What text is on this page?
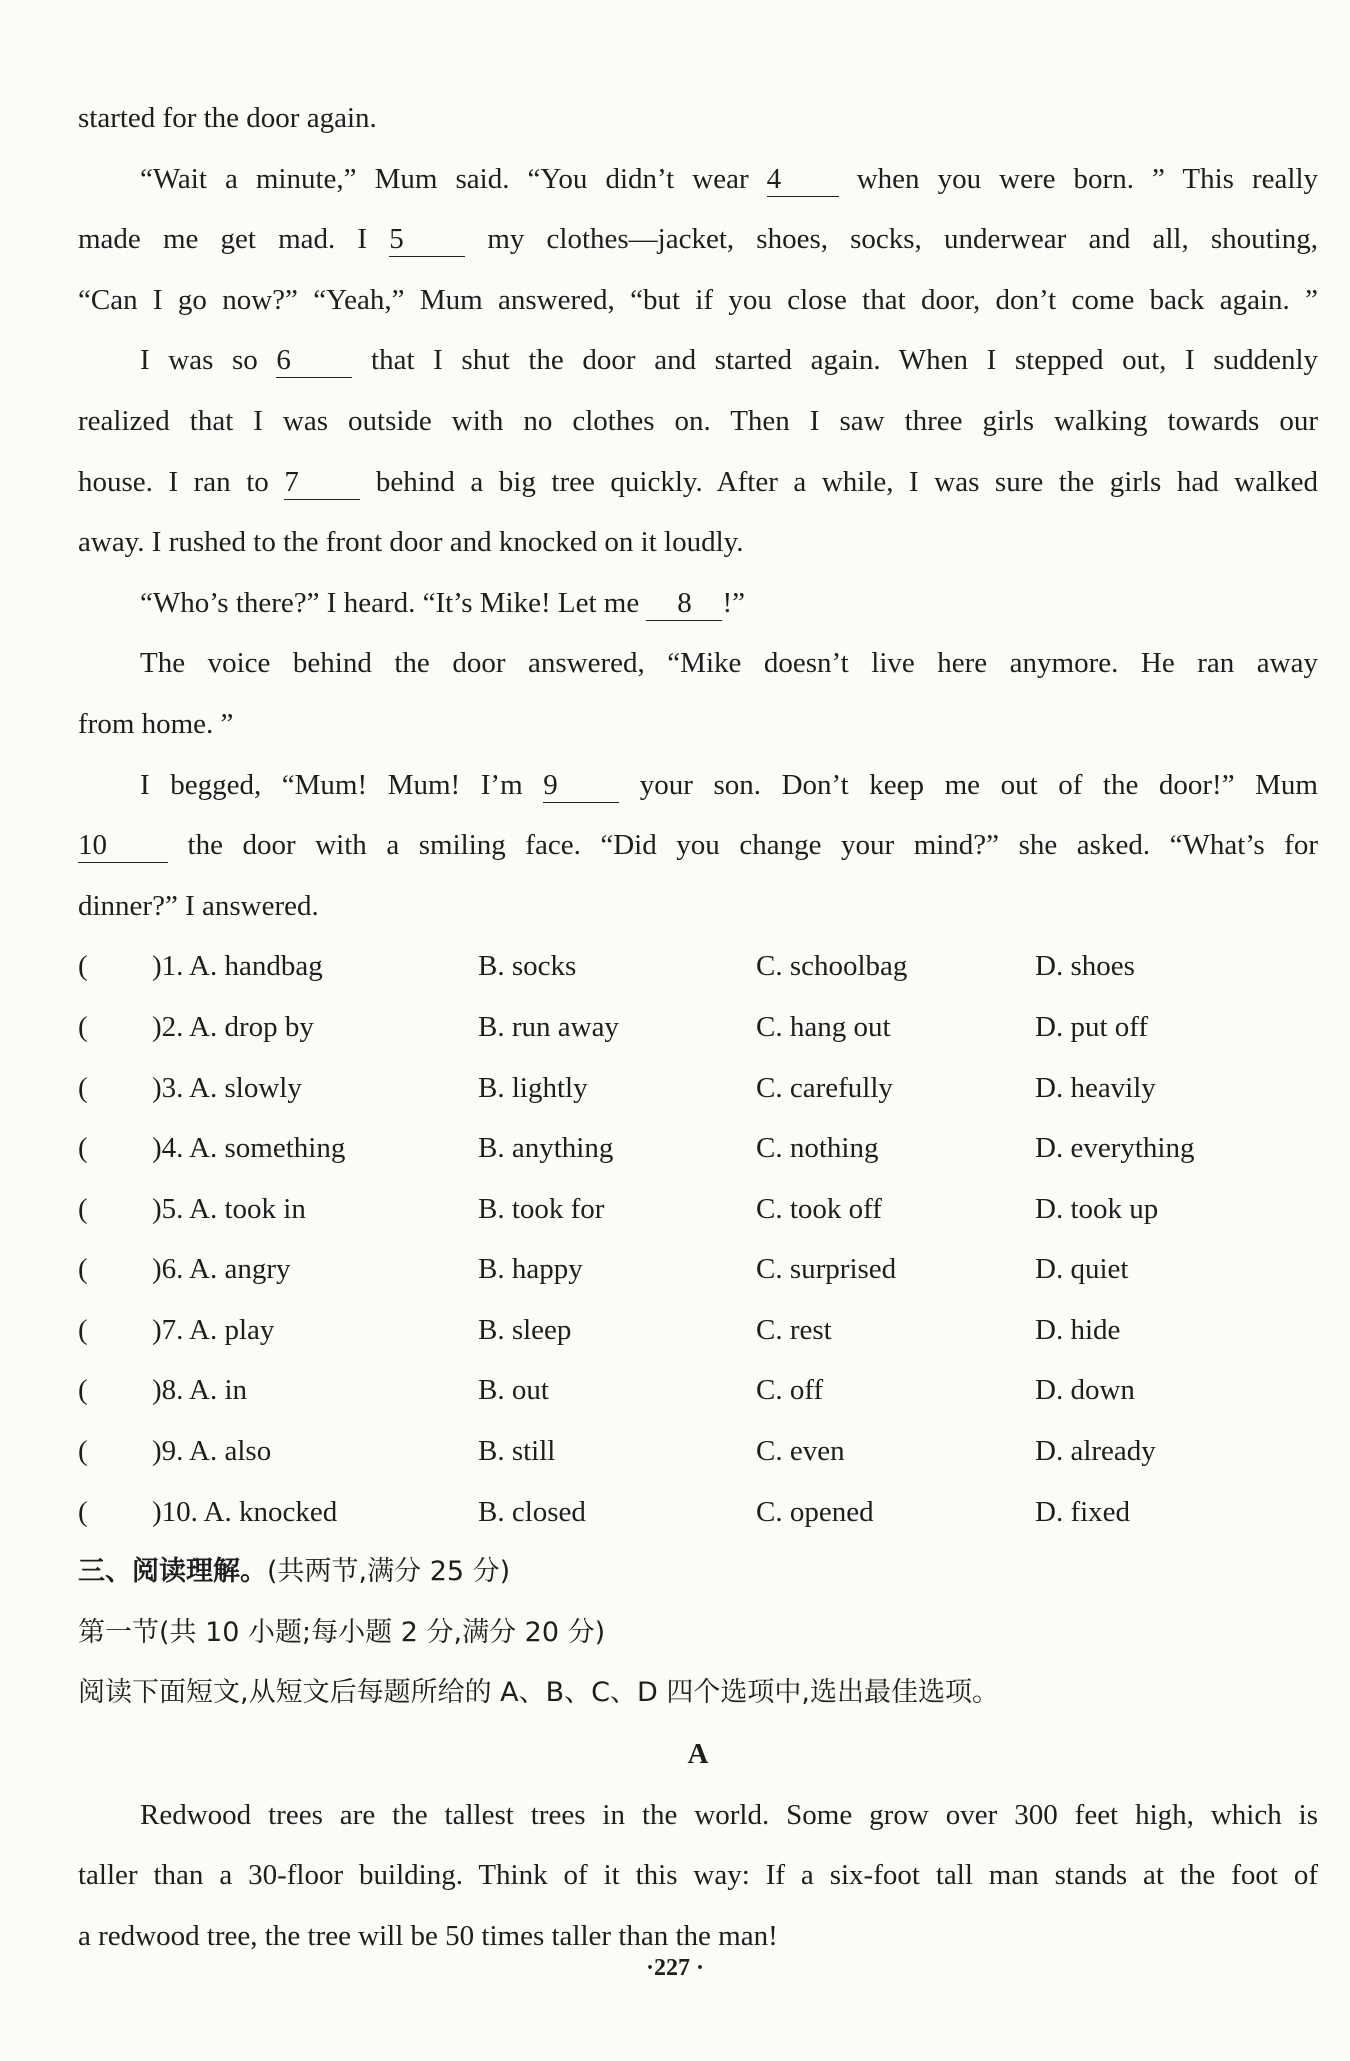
started for the door again.
“Wait a minute,” Mum said. “You didn’t wear 4	when you were born. ” This really
made me get mad. I 5	my clothes—jacket, shoes, socks, underwear and all, shouting,
“Can I go now?” “Yeah,” Mum answered, “but if you close that door, don’t come back again. ”
I was so 6	that I shut the door and started again. When I stepped out, I suddenly
realized that I was outside with no clothes on. Then I saw three girls walking towards our
house. I ran to 7	behind a big tree quickly. After a while, I was sure the girls had walked
away. I rushed to the front door and knocked on it loudly.
“Who’s there?” I heard. “It’s Mike! Let me 8 !”
The voice behind the door answered, “Mike doesn’t live here anymore. He ran away
from home. ”
I begged, “Mum! Mum! I’m 9	your son. Don’t keep me out of the door!” Mum
10	the door with a smiling face. “Did you change your mind?” she asked. “What’s for
dinner?” I answered.
( )1. A. handbag	B. socks	C. schoolbag	D. shoes
( )2. A. drop by	B. run away	C. hang out	D. put off
( )3. A. slowly	B. lightly	C. carefully	D. heavily
( )4. A. something	B. anything	C. nothing	D. everything
( )5. A. took in	B. took for	C. took off	D. took up
( )6. A. angry	B. happy	C. surprised	D. quiet
( )7. A. play	B. sleep	C. rest	D. hide
( )8. A. in	B. out	C. off	D. down
( )9. A. also	B. still	C. even	D. already
( )10. A. knocked	B. closed	C. opened	D. fixed
三、阅读理解。(共两节,满分 25 分)
第一节(共 10 小题;每小题 2 分,满分 20 分)
阅读下面短文,从短文后每题所给的 A、B、C、D 四个选项中,选出最佳选项。
A
Redwood trees are the tallest trees in the world. Some grow over 300 feet high, which is
taller than a 30-floor building. Think of it this way: If a six-foot tall man stands at the foot of
a redwood tree, the tree will be 50 times taller than the man!
·227 ·
